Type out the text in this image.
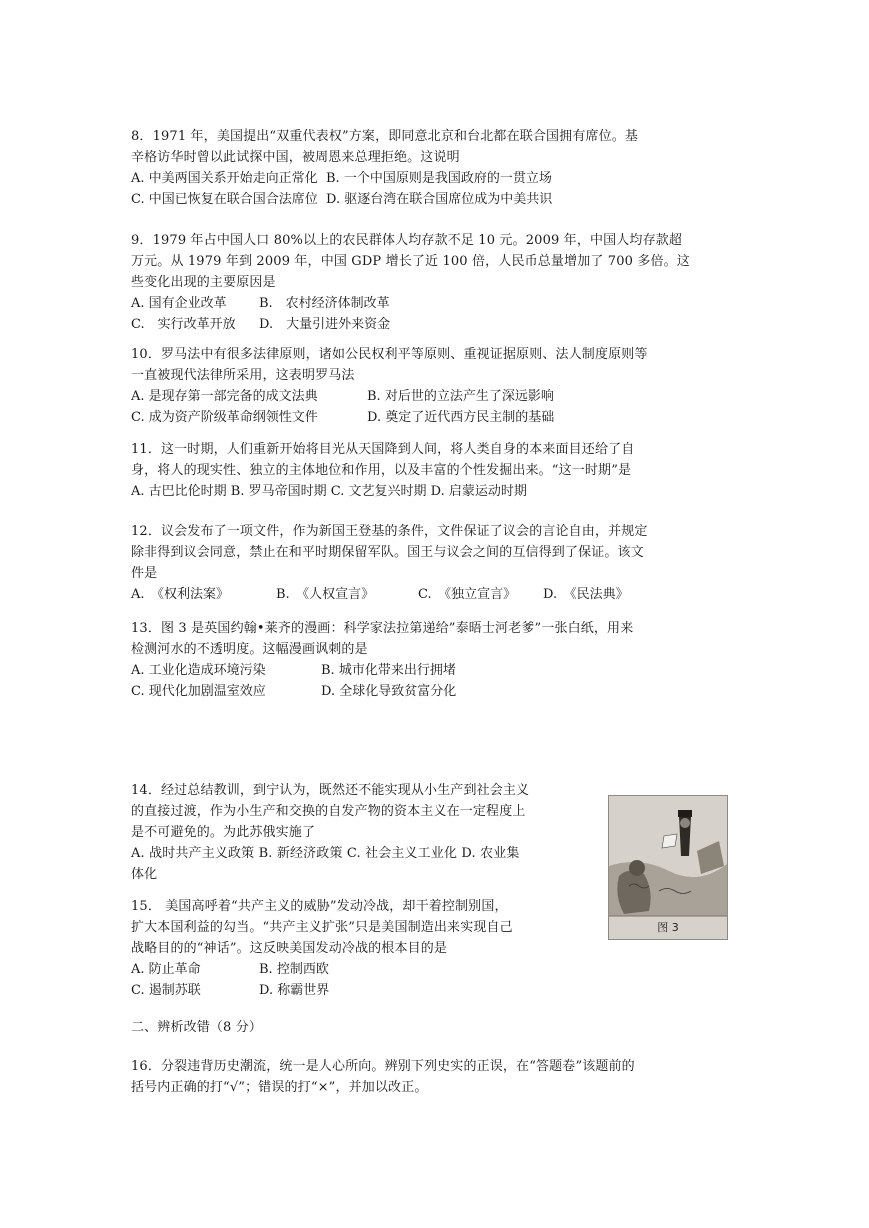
8．1971 年，美国提出“双重代表权”方案，即同意北京和台北都在联合国拥有席位。基
辛格访华时曾以此试探中国，被周恩来总理拒绝。这说明
A. 中美两国关系开始走向正常化 B. 一个中国原则是我国政府的一贯立场
C. 中国已恢复在联合国合法席位 D. 驱逐台湾在联合国席位成为中美共识
9．1979 年占中国人口 80%以上的农民群体人均存款不足 10 元。2009 年，中国人均存款超
万元。从 1979 年到 2009 年，中国 GDP 增长了近 100 倍，人民币总量增加了 700 多倍。这
些变化出现的主要原因是
A. 国有企业改革 B.　农村经济体制改革
C.　实行改革开放 D.　大量引进外来资金
10．罗马法中有很多法律原则，诸如公民权利平等原则、重视证据原则、法人制度原则等
一直被现代法律所采用，这表明罗马法
A. 是现存第一部完备的成文法典	B. 对后世的立法产生了深远影响
C. 成为资产阶级革命纲领性文件	D. 奠定了近代西方民主制的基础
11．这一时期，人们重新开始将目光从天国降到人间，将人类自身的本来面目还给了自
身，将人的现实性、独立的主体地位和作用，以及丰富的个性发掘出来。“这一时期”是
A. 古巴比伦时期 B. 罗马帝国时期 C. 文艺复兴时期 D. 启蒙运动时期
12．议会发布了一项文件，作为新国王登基的条件，文件保证了议会的言论自由，并规定
除非得到议会同意，禁止在和平时期保留军队。国王与议会之间的互信得到了保证。该文
件是
A.　《权利法案》	B.　《人权宣言》	C.　《独立宣言》 D.　《民法典》
13．图 3 是英国约翰•莱齐的漫画：科学家法拉第递给”泰晤士河老爹”一张白纸，用来
检测河水的不透明度。这幅漫画讽刺的是
A. 工业化造成环境污染	B. 城市化带来出行拥堵
C. 现代化加剧温室效应	D. 全球化导致贫富分化
14．经过总结教训，到宁认为，既然还不能实现从小生产到社会主义
的直接过渡，作为小生产和交换的自发产物的资本主义在一定程度上
是不可避免的。为此苏俄实施了
A. 战时共产主义政策 B. 新经济政策 C. 社会主义工业化 D. 农业集
体化
图 3
15． 美国高呼着“共产主义的威胁”发动冷战，却干着控制别国，
扩大本国利益的勾当。“共产主义扩张”只是美国制造出来实现自己
战略目的的“神话”。这反映美国发动冷战的根本目的是
A. 防止革命	B. 控制西欧
C. 遏制苏联	D. 称霸世界
二、辨析改错（8 分）
16．分裂违背历史潮流，统一是人心所向。辨别下列史实的正误，在“答题卷”该题前的
括号内正确的打“√”；错误的打“×”，并加以改正。
